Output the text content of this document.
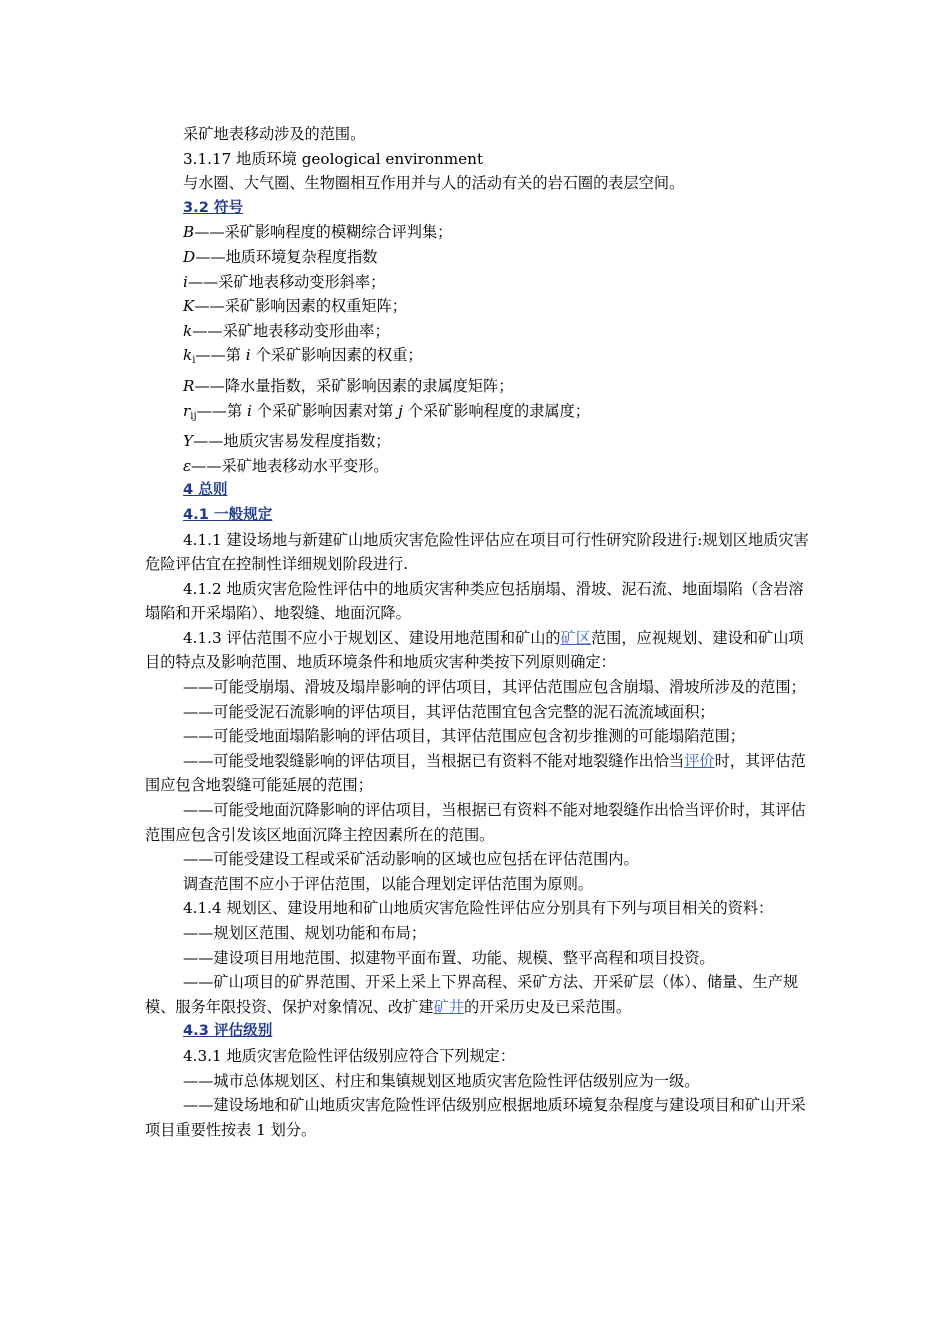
采矿地表移动涉及的范围。

3.1.17 地质环境 geological environment

与水圈、大气圈、生物圈相互作用并与人的活动有关的岩石圈的表层空间。

3.2 符号

B——采矿影响程度的模糊综合评判集；

D——地质环境复杂程度指数

i——采矿地表移动变形斜率；

K——采矿影响因素的权重矩阵；

k——采矿地表移动变形曲率；

$k_i——$第 i 个采矿影响因素的权重；

R——降水量指数，采矿影响因素的隶属度矩阵；

$r_{ij}——$第 i 个采矿影响因素对第 j 个采矿影响程度的隶属度；

Y——地质灾害易发程度指数；

ε——采矿地表移动水平变形。

4 总则

4.1 一般规定

4.1.1 建设场地与新建矿山地质灾害危险性评估应在项目可行性研究阶段进行:规划区地质灾害危险评估宜在控制性详细规划阶段进行.

4.1.2 地质灾害危险性评估中的地质灾害种类应包括崩塌、滑坡、泥石流、地面塌陷（含岩溶塌陷和开采塌陷）、地裂缝、地面沉降。

4.1.3 评估范围不应小于规划区、建设用地范围和矿山的矿区范围，应视规划、建设和矿山项目的特点及影响范围、地质环境条件和地质灾害种类按下列原则确定：

——可能受崩塌、滑坡及塌岸影响的评估项目，其评估范围应包含崩塌、滑坡所涉及的范围；

——可能受泥石流影响的评估项目，其评估范围宜包含完整的泥石流流域面积；

——可能受地面塌陷影响的评估项目，其评估范围应包含初步推测的可能塌陷范围；

——可能受地裂缝影响的评估项目，当根据已有资料不能对地裂缝作出恰当评价时，其评估范围应包含地裂缝可能延展的范围；

——可能受地面沉降影响的评估项目，当根据已有资料不能对地裂缝作出恰当评价时，其评估范围应包含引发该区地面沉降主控因素所在的范围。

——可能受建设工程或采矿活动影响的区域也应包括在评估范围内。

调查范围不应小于评估范围，以能合理划定评估范围为原则。

4.1.4 规划区、建设用地和矿山地质灾害危险性评估应分别具有下列与项目相关的资料：

——规划区范围、规划功能和布局；

——建设项目用地范围、拟建物平面布置、功能、规模、整平高程和项目投资。

——矿山项目的矿界范围、开采上采上下界高程、采矿方法、开采矿层（体）、储量、生产规模、服务年限投资、保护对象情况、改扩建矿井的开采历史及已采范围。

4.3 评估级别

4.3.1 地质灾害危险性评估级别应符合下列规定：

——城市总体规划区、村庄和集镇规划区地质灾害危险性评估级别应为一级。

——建设场地和矿山地质灾害危险性评估级别应根据地质环境复杂程度与建设项目和矿山开采项目重要性按表 1 划分。
